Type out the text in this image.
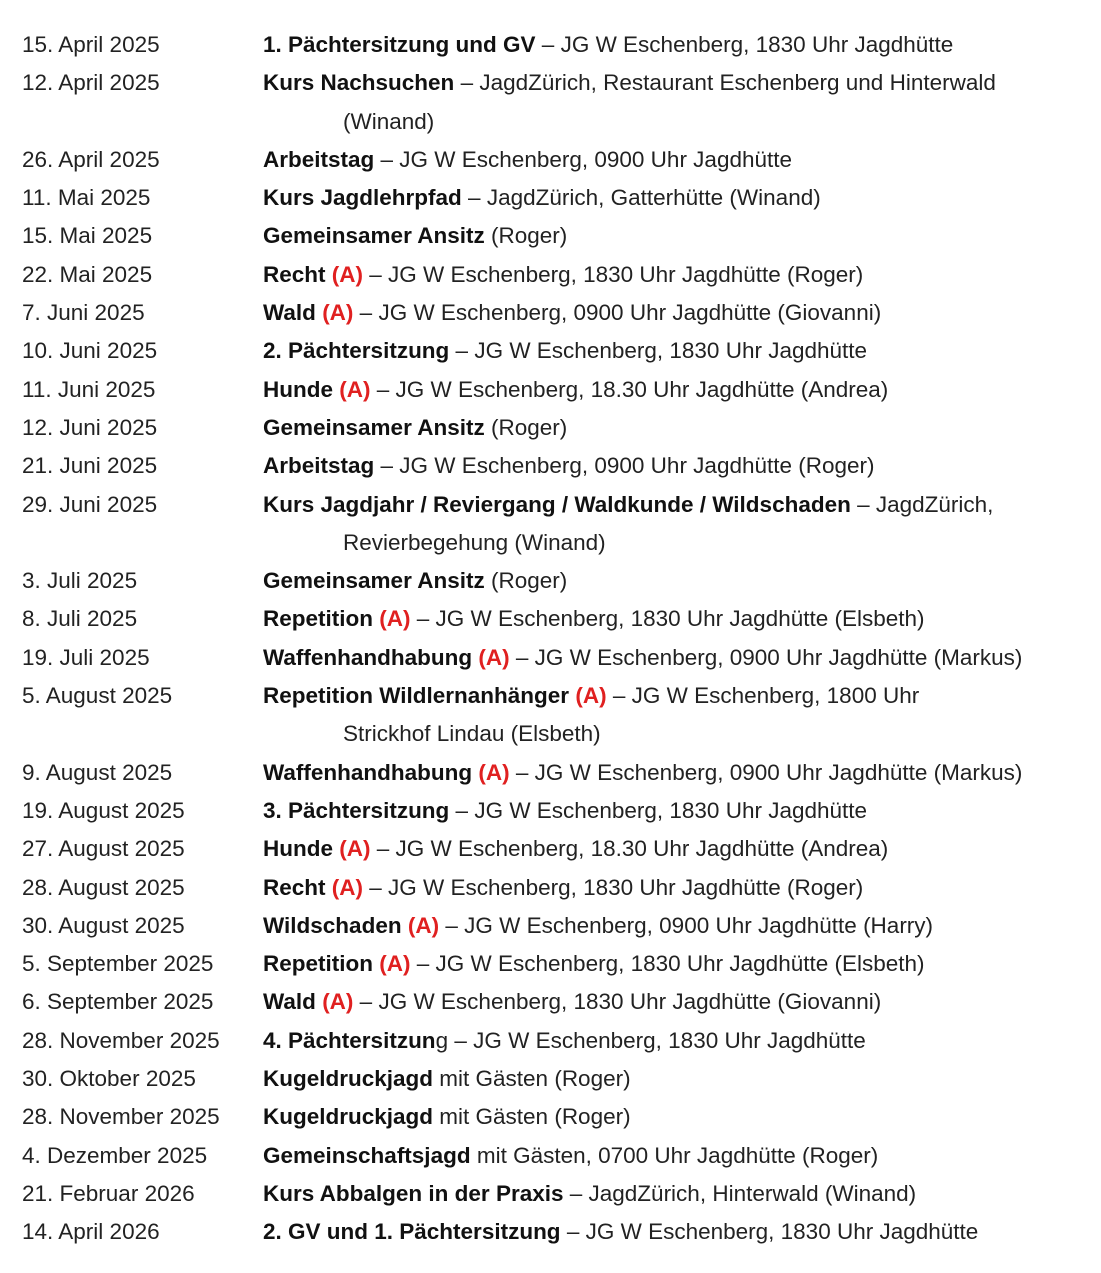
15. April 2025	1. Pächtersitzung und GV – JG W Eschenberg, 1830 Uhr Jagdhütte
12. April 2025	Kurs Nachsuchen – JagdZürich, Restaurant Eschenberg und Hinterwald
(Winand)
26. April 2025	Arbeitstag – JG W Eschenberg, 0900 Uhr Jagdhütte
11. Mai 2025	Kurs Jagdlehrpfad – JagdZürich, Gatterhütte (Winand)
15. Mai 2025	Gemeinsamer Ansitz (Roger)
22. Mai 2025	Recht (A) – JG W Eschenberg, 1830 Uhr Jagdhütte (Roger)
7. Juni 2025	Wald (A) – JG W Eschenberg, 0900 Uhr Jagdhütte (Giovanni)
10. Juni 2025	2. Pächtersitzung – JG W Eschenberg, 1830 Uhr Jagdhütte
11. Juni 2025	Hunde (A) – JG W Eschenberg, 18.30 Uhr Jagdhütte (Andrea)
12. Juni 2025	Gemeinsamer Ansitz (Roger)
21. Juni 2025	Arbeitstag – JG W Eschenberg, 0900 Uhr Jagdhütte (Roger)
29. Juni 2025	Kurs Jagdjahr / Reviergang / Waldkunde / Wildschaden – JagdZürich,
Revierbegehung (Winand)
3. Juli 2025	Gemeinsamer Ansitz (Roger)
8. Juli 2025	Repetition (A) – JG W Eschenberg, 1830 Uhr Jagdhütte (Elsbeth)
19. Juli 2025	Waffenhandhabung (A) – JG W Eschenberg, 0900 Uhr Jagdhütte (Markus)
5. August 2025	Repetition Wildlernanhänger (A) – JG W Eschenberg, 1800 Uhr
Strickhof Lindau (Elsbeth)
9. August 2025	Waffenhandhabung (A) – JG W Eschenberg, 0900 Uhr Jagdhütte (Markus)
19. August 2025	3. Pächtersitzung – JG W Eschenberg, 1830 Uhr Jagdhütte
27. August 2025	Hunde (A) – JG W Eschenberg, 18.30 Uhr Jagdhütte (Andrea)
28. August 2025	Recht (A) – JG W Eschenberg, 1830 Uhr Jagdhütte (Roger)
30. August 2025	Wildschaden (A) – JG W Eschenberg, 0900 Uhr Jagdhütte (Harry)
5. September 2025 Repetition (A) – JG W Eschenberg, 1830 Uhr Jagdhütte (Elsbeth)
6. September 2025 Wald (A) – JG W Eschenberg, 1830 Uhr Jagdhütte (Giovanni)
28. November 2025 4. Pächtersitzung – JG W Eschenberg, 1830 Uhr Jagdhütte
30. Oktober 2025	Kugeldruckjagd mit Gästen (Roger)
28. November 2025 Kugeldruckjagd mit Gästen (Roger)
4. Dezember 2025 Gemeinschaftsjagd mit Gästen, 0700 Uhr Jagdhütte (Roger)
21. Februar 2026	Kurs Abbalgen in der Praxis – JagdZürich, Hinterwald (Winand)
14. April 2026	2. GV und 1. Pächtersitzung – JG W Eschenberg, 1830 Uhr Jagdhütte
